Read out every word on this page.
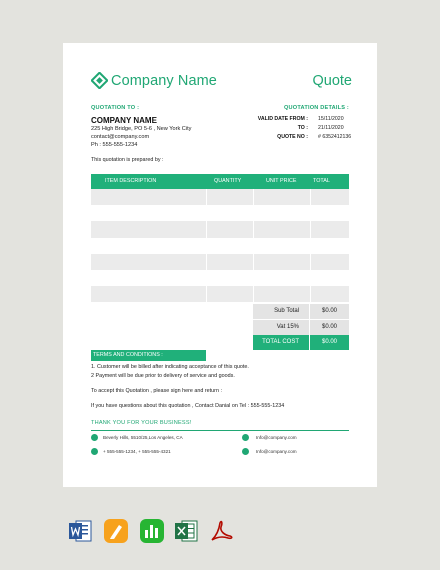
Company Name	Quote
QUOTATION TO :
COMPANY NAME
225 High Bridge, PO 5-6 , New York City
contact@company.com
Ph : 555-555-1234
QUOTATION DETAILS :
VALID DATE FROM : 15/11/2020
TO : 21/11/2020
QUOTE NO : # 6352412136
This quotation is prepared by :
ITEM DESCRIPTION	QUANTITY	UNIT PRICE	TOTAL
Sub Total	$0.00
Vat 15%	$0.00
TOTAL COST	$0.00
TERMS AND CONDITIONS :
1. Customer will be billed after indicating acceptance of this quote.
2 Payment will be due prior to delivery of service and goods.
To accept this Quotation , please sign here and return :
If you have questions about this quotation , Contact Danial on Tel : 555-555-1234
THANK YOU FOR YOUR BUSINESS!
Beverly Hills, 5510/25,Los Angeles, CA
+ 555-555-1234, + 555-555-4321
Info@company.com
Info@company.com
